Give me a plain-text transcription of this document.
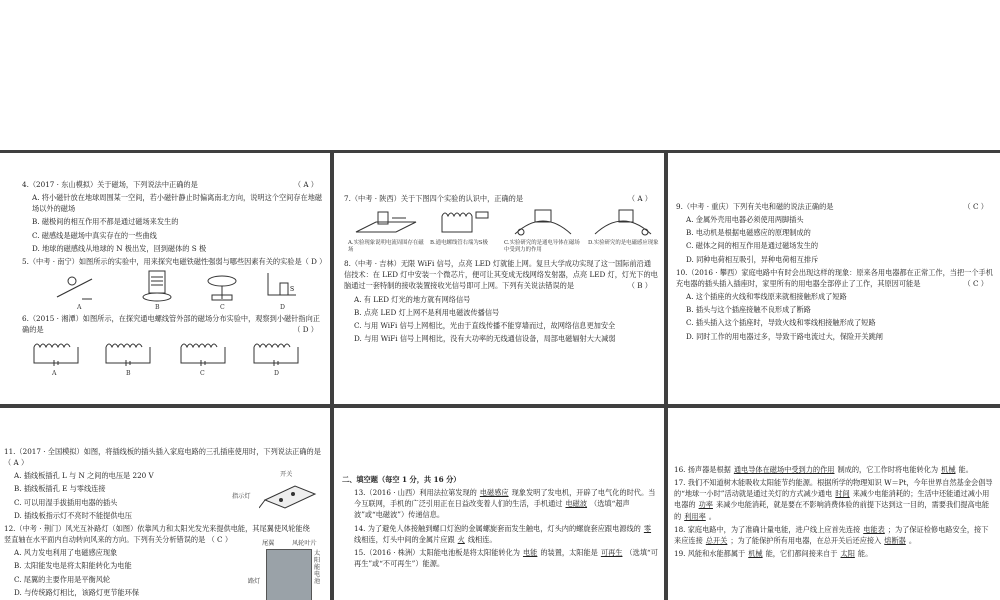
4.（2017 · 东山模拟）关于磁场，下列说法中正确的是	（ A ）
A. 将小磁针放在地球周围某一空间，若小磁针静止时偏离南北方向，说明这个空间存在地磁场以外的磁场
B. 磁极间的相互作用不都是通过磁场来发生的
C. 磁感线是磁场中真实存在的一些曲线
D. 地球的磁感线从地球的 N 极出发，回到磁体的 S 极
5.（中考 · 南宁）如图所示的实验中，用来探究电磁铁磁性强弱与哪些因素有关的实验是（ D ）
S
A	B	C	D
6.（2015 · 湘潭）如图所示，在探究通电螺线管外部的磁场分布实验中，观察到小磁针指向正确的是	（ D ）
A	B	C	D
7.（中考 · 陕西）关于下图四个实验的认识中，正确的是	（ A ）
A.实验现象说明电流周围存在磁场
B.通电螺线管右端为S极	C.实验研究的是通电导体在磁场中受到力的作用
D.实验研究的是电磁感应现象
8.（中考 · 吉林）无限 WiFi 信号，点亮 LED 灯就能上网。复旦大学成功实现了这一国际前沿通信技术：在 LED 灯中安装一个微芯片，便可让其变成无线网络发射器，点亮 LED 灯，灯光下的电脑通过一套特制的接收装置接收光信号即可上网。下列有关说法错误的是	（ B ）
A. 有 LED 灯光的地方就有网络信号
B. 点亮 LED 灯上网不是利用电磁波传播信号
C. 与用 WiFi 信号上网相比，光由于直线传播不能穿墙而过，故网络信息更加安全
D. 与用 WiFi 信号上网相比，没有大功率的无线通信设备，局部电磁辐射大大减弱
9.（中考 · 重庆）下列有关电和磁的说法正确的是	（ C ）
A. 金属外壳用电器必须使用两脚插头
B. 电动机是根据电磁感应的原理制成的
C. 磁体之间的相互作用是通过磁场发生的
D. 同种电荷相互吸引，异种电荷相互排斥
10.（2016 · 攀西）家庭电路中有时会出现这样的现象：原来各用电器都在正常工作，当把一个手机充电器的插头插入插座时，家里所有的用电器全部停止了工作，其原因可能是	（ C ）
A. 这个插座的火线和零线原来就相接触形成了短路
B. 插头与这个插座接触不良形成了断路
C. 插头插入这个插座时，导致火线和零线相接触形成了短路
D. 同时工作的用电器过多，导致干路电流过大，保险开关跳闸
11.（2017 · 全国模拟）如图，将插线板的插头插入家庭电路的三孔插座使用时，下列说法正确的是（ A ）
A. 插线板插孔 L 与 N 之间的电压是 220 V
B. 插线板插孔 E 与零线连接
C. 可以用湿手拔插用电器的插头
D. 插线板指示灯不亮时不能提供电压
开关
指示灯
12.（中考 · 荆门）风光互补路灯（如图）依靠风力和太阳光发光来提供电能，其尾翼使风轮能绕竖直轴在水平面内自动转向风来的方向。下列有关分析错误的是 （ C ）
A. 风力发电利用了电磁感应现象
B. 太阳能发电是将太阳能转化为电能
C. 尾翼的主要作用是平衡风轮
D. 与传统路灯相比，该路灯更节能环保
尾翼	风轮叶片
太阳能电池
路灯
二、填空题（每空 1 分，共 16 分）
13.（2016 · 山西）利用法拉第发现的 电磁感应 现象发明了发电机，开辟了电气化的时代。当今互联网，手机的广泛引用正在日益改变着人们的生活，手机通过 电磁波 （选填“超声波”或“电磁波”）传递信息。
14. 为了避免人体接触到螺口灯泡的金属螺旋套而发生触电，灯头内的螺旋套应跟电源线的 零线相连，灯头中间的金属片应跟 火 线相连。
15.（2016 · 株洲）太阳能电池板是将太阳能转化为 电能 的装置，太阳能是 可再生 （选填“可再生”或“不可再生”）能源。
16. 扬声器是根据 通电导体在磁场中受到力的作用 制成的，它工作时将电能转化为 机械 能。
17. 我们不知道树木能吸收太阳能节约能源。根据所学的物理知识 W＝Pt，今年世界自然基金会倡导的“地球一小时”活动就是通过关灯的方式减少通电 时间 来减少电能消耗的；生活中还能通过减小用电器的 功率 来减少电能消耗，就是要在不影响消费体验的前提下达到这一目的，需要我们提高电能的 利用率 。
18. 家庭电路中，为了准确计量电能，进户线上应首先连接 电能表 ；为了保证检修电路安全，接下来应连接 总开关 ；为了能保护所有用电器，在总开关后还应接入 熔断器 。
19. 风能和水能都属于 机械 能，它们都间接来自于 太阳 能。
